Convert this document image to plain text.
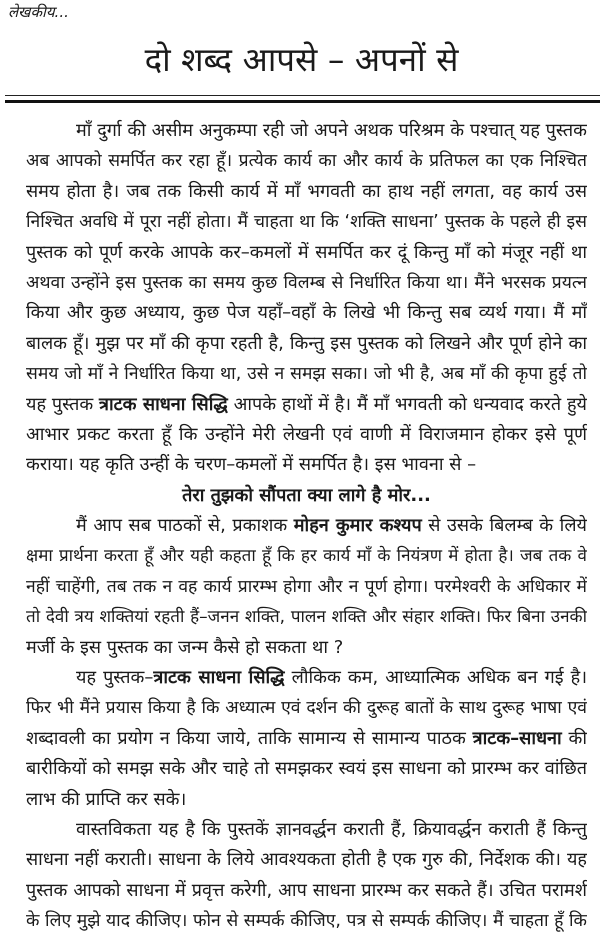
लेखकीय...
दो शब्द आपसे – अपनों से
माँ दुर्गा की असीम अनुकम्पा रही जो अपने अथक परिश्रम के पश्चात् यह पुस्तक
अब आपको समर्पित कर रहा हूँ। प्रत्येक कार्य का और कार्य के प्रतिफल का एक निश्चित
समय होता है। जब तक किसी कार्य में माँ भगवती का हाथ नहीं लगता, वह कार्य उस
निश्चित अवधि में पूरा नहीं होता। मैं चाहता था कि ‘शक्ति साधना’ पुस्तक के पहले ही इस
पुस्तक को पूर्ण करके आपके कर–कमलों में समर्पित कर दूं किन्तु माँ को मंजूर नहीं था
अथवा उन्होंने इस पुस्तक का समय कुछ विलम्ब से निर्धारित किया था। मैंने भरसक प्रयत्न
किया और कुछ अध्याय, कुछ पेज यहाँ–वहाँ के लिखे भी किन्तु सब व्यर्थ गया। मैं माँ
बालक हूँ। मुझ पर माँ की कृपा रहती है, किन्तु इस पुस्तक को लिखने और पूर्ण होने का
समय जो माँ ने निर्धारित किया था, उसे न समझ सका। जो भी है, अब माँ की कृपा हुई तो
यह पुस्तक त्राटक साधना सिद्धि आपके हाथों में है। मैं माँ भगवती को धन्यवाद करते हुये
आभार प्रकट करता हूँ कि उन्होंने मेरी लेखनी एवं वाणी में विराजमान होकर इसे पूर्ण
कराया। यह कृति उन्हीं के चरण–कमलों में समर्पित है। इस भावना से –
तेरा तुझको सौंपता क्या लागे है मोर...
मैं आप सब पाठकों से, प्रकाशक मोहन कुमार कश्यप से उसके बिलम्ब के लिये
क्षमा प्रार्थना करता हूँ और यही कहता हूँ कि हर कार्य माँ के नियंत्रण में होता है। जब तक वे
नहीं चाहेंगी, तब तक न वह कार्य प्रारम्भ होगा और न पूर्ण होगा। परमेश्वरी के अधिकार में
तो देवी त्रय शक्तियां रहती हैं–जनन शक्ति, पालन शक्ति और संहार शक्ति। फिर बिना उनकी
मर्जी के इस पुस्तक का जन्म कैसे हो सकता था ?
यह पुस्तक–त्राटक साधना सिद्धि लौकिक कम, आध्यात्मिक अधिक बन गई है।
फिर भी मैंने प्रयास किया है कि अध्यात्म एवं दर्शन की दुरूह बातों के साथ दुरूह भाषा एवं
शब्दावली का प्रयोग न किया जाये, ताकि सामान्य से सामान्य पाठक त्राटक–साधना की
बारीकियों को समझ सके और चाहे तो समझकर स्वयं इस साधना को प्रारम्भ कर वांछित
लाभ की प्राप्ति कर सके।
वास्तविकता यह है कि पुस्तकें ज्ञानवर्द्धन कराती हैं, क्रियावर्द्धन कराती हैं किन्तु
साधना नहीं कराती। साधना के लिये आवश्यकता होती है एक गुरु की, निर्देशक की। यह
पुस्तक आपको साधना में प्रवृत्त करेगी, आप साधना प्रारम्भ कर सकते हैं। उचित परामर्श
के लिए मुझे याद कीजिए। फोन से सम्पर्क कीजिए, पत्र से सम्पर्क कीजिए। मैं चाहता हूँ कि
